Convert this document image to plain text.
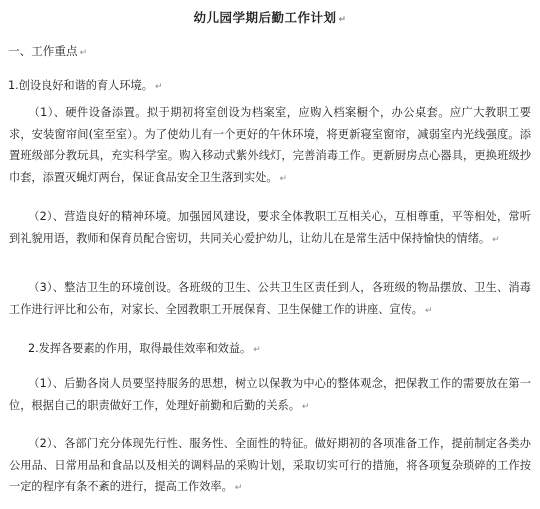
幼儿园学期后勤工作计划 ↵
一、工作重点 ↵
1.创设良好和谐的育人环境。 ↵
（1）、硬件设备添置。拟于期初将室创设为档案室，应购入档案橱个，办公桌套。应广大教职工要求，安装窗帘间(室至室）。为了使幼儿有一个更好的午休环境，将更新寝室窗帘，减弱室内光线强度。添置班级部分教玩具，充实科学室。购入移动式紫外线灯，完善消毒工作。更新厨房点心器具，更换班级抄巾套，添置灭蝇灯两台，保证食品安全卫生落到实处。 ↵
（2）、营造良好的精神环境。加强园风建设，要求全体教职工互相关心，互相尊重，平等相处，常听到礼貌用语，教师和保育员配合密切，共同关心爱护幼儿，让幼儿在是常生活中保持愉快的情绪。 ↵
（3）、整洁卫生的环境创设。各班级的卫生、公共卫生区责任到人，各班级的物品摆放、卫生、消毒工作进行评比和公布，对家长、全园教职工开展保育、卫生保健工作的讲座、宣传。 ↵
2.发挥各要素的作用，取得最佳效率和效益。 ↵
（1）、后勤各岗人员要坚持服务的思想，树立以保教为中心的整体观念，把保教工作的需要放在第一位，根据自己的职责做好工作，处理好前勤和后勤的关系。 ↵
（2）、各部门充分体现先行性、服务性、全面性的特征。做好期初的各项准备工作，提前制定各类办公用品、日常用品和食品以及相关的调料品的采购计划，采取切实可行的措施，将各项复杂琐碎的工作按一定的程序有条不紊的进行，提高工作效率。 ↵
